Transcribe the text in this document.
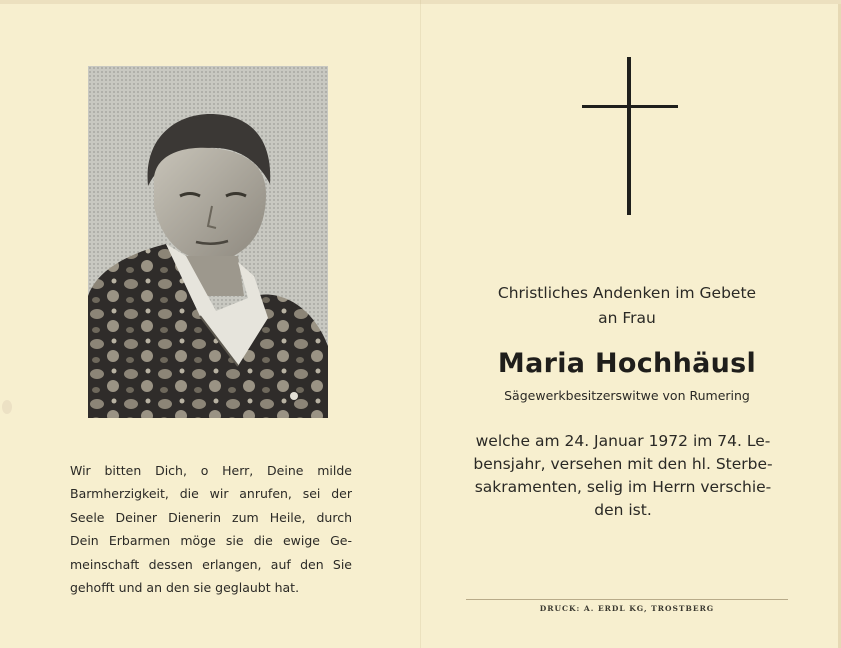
Wir bitten Dich, o Herr, Deine milde
Barmherzigkeit, die wir anrufen, sei der
Seele Deiner Dienerin zum Heile, durch
Dein Erbarmen möge sie die ewige Ge-
meinschaft dessen erlangen, auf den Sie
gehofft und an den sie geglaubt hat.
Christliches Andenken im Gebete
an Frau
Maria Hochhäusl
Sägewerkbesitzerswitwe von Rumering
welche am 24. Januar 1972 im 74. Le-
bensjahr, versehen mit den hl. Sterbe-
sakramenten, selig im Herrn verschie-
den ist.
DRUCK: A. ERDL KG, TROSTBERG
